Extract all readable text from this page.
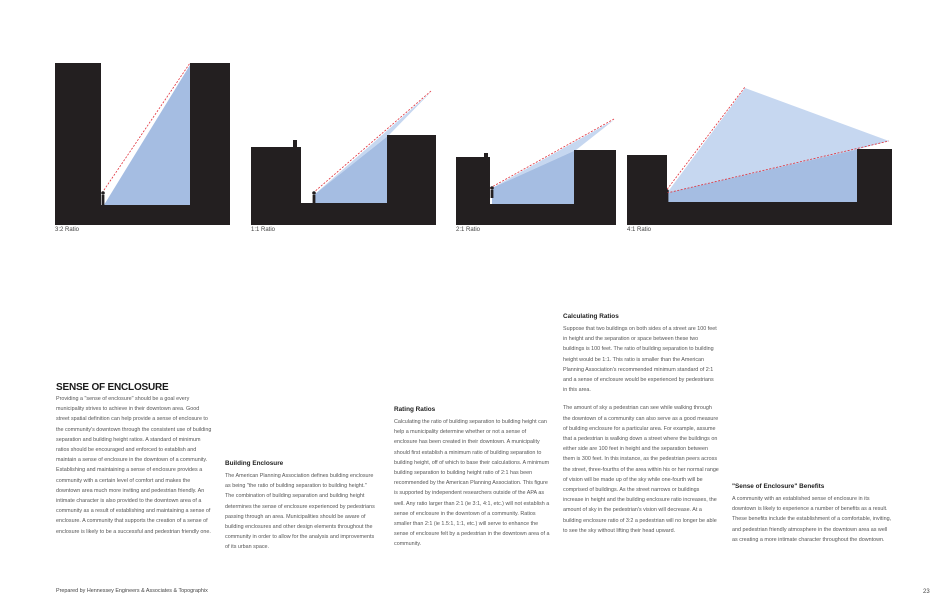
3:2 Ratio	1:1 Ratio	2:1 Ratio	4:1 Ratio
SENSE OF ENCLOSURE

Providing a "sense of enclosure" should be a goal every municipality strives to achieve in their downtown area. Good street spatial definition can help provide a sense of enclosure to the community's downtown through the consistent use of building separation and building height ratios. A standard of minimum ratios should be encouraged and enforced to establish and maintain a sense of enclosure in the downtown of a community. Establishing and maintaining a sense of enclosure provides a community with a certain level of comfort and makes the downtown area much more inviting and pedestrian friendly. An intimate character is also provided to the downtown area of a community as a result of establishing and maintaining a sense of enclosure. A community that supports the creation of a sense of enclosure is likely to be a successful and pedestrian friendly one.

Building Enclosure

The American Planning Association defines building enclosure as being "the ratio of building separation to building height." The combination of building separation and building height determines the sense of enclosure experienced by pedestrians passing through an area. Municipalities should be aware of building enclosures and other design elements throughout the community in order to allow for the analysis and improvements of its urban space.

Rating Ratios

Calculating the ratio of building separation to building height can help a municipality determine whether or not a sense of enclosure has been created in their downtown. A municipality should first establish a minimum ratio of building separation to building height, off of which to base their calculations. A minimum building separation to building height ratio of 2:1 has been recommended by the American Planning Association. This figure is supported by independent researchers outside of the APA as well. Any ratio larger than 2:1 (ie 3:1, 4:1, etc.) will not establish a sense of enclosure in the downtown of a community. Ratios smaller than 2:1 (ie 1.5:1, 1:1, etc.) will serve to enhance the sense of enclosure felt by a pedestrian in the downtown area of a community.

Calculating Ratios

Suppose that two buildings on both sides of a street are 100 feet in height and the separation or space between these two buildings is 100 feet. The ratio of building separation to building height would be 1:1. This ratio is smaller than the American Planning Association's recommended minimum standard of 2:1 and a sense of enclosure would be experienced by pedestrians in this area.

The amount of sky a pedestrian can see while walking through the downtown of a community can also serve as a good measure of building enclosure for a particular area. For example, assume that a pedestrian is walking down a street where the buildings on either side are 100 feet in height and the separation between them is 300 feet. In this instance, as the pedestrian peers across the street, three-fourths of the area within his or her normal range of vision will be made up of the sky while one-fourth will be comprised of buildings. As the street narrows or buildings increase in height and the building enclosure ratio increases, the amount of sky in the pedestrian's vision will decrease. At a building enclosure ratio of 3:2 a pedestrian will no longer be able to see the sky without lifting their head upward.

"Sense of Enclosure" Benefits

A community with an established sense of enclosure in its downtown is likely to experience a number of benefits as a result. These benefits include the establishment of a comfortable, inviting, and pedestrian friendly atmosphere in the downtown area as well as creating a more intimate character throughout the downtown.

Prepared by Hennessey Engineers & Associates & Topographix	23
